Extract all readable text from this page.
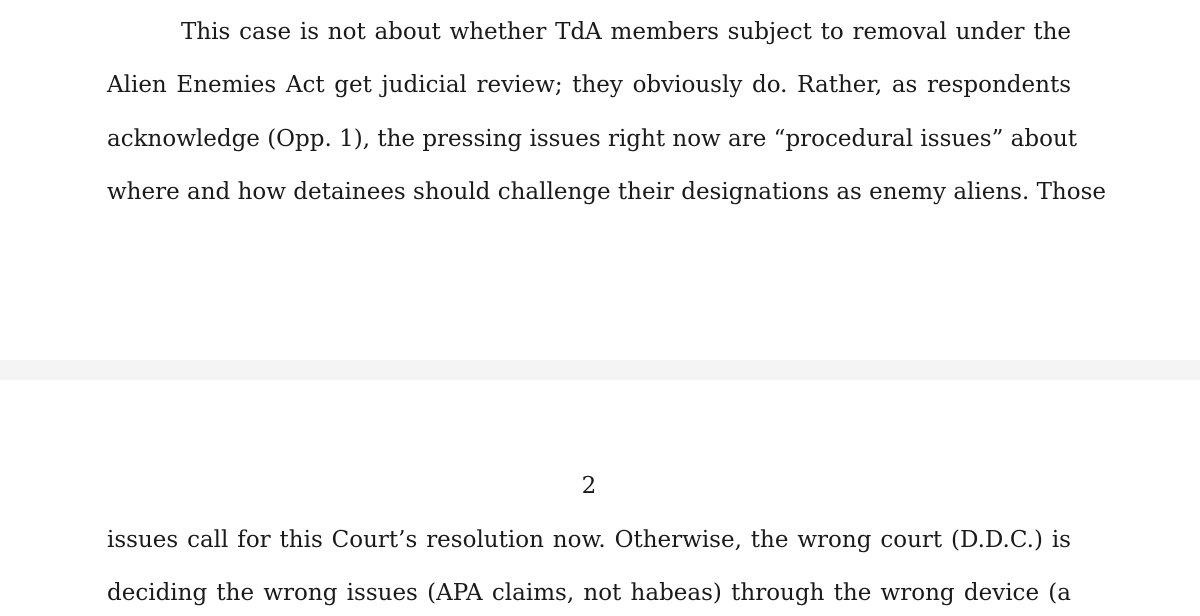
This case is not about whether TdA members subject to removal under the
Alien Enemies Act get judicial review; they obviously do. Rather, as respondents
acknowledge (Opp. 1), the pressing issues right now are “procedural issues” about
where and how detainees should challenge their designations as enemy aliens. Those
2
issues call for this Court’s resolution now. Otherwise, the wrong court (D.D.C.) is
deciding the wrong issues (APA claims, not habeas) through the wrong device (a
